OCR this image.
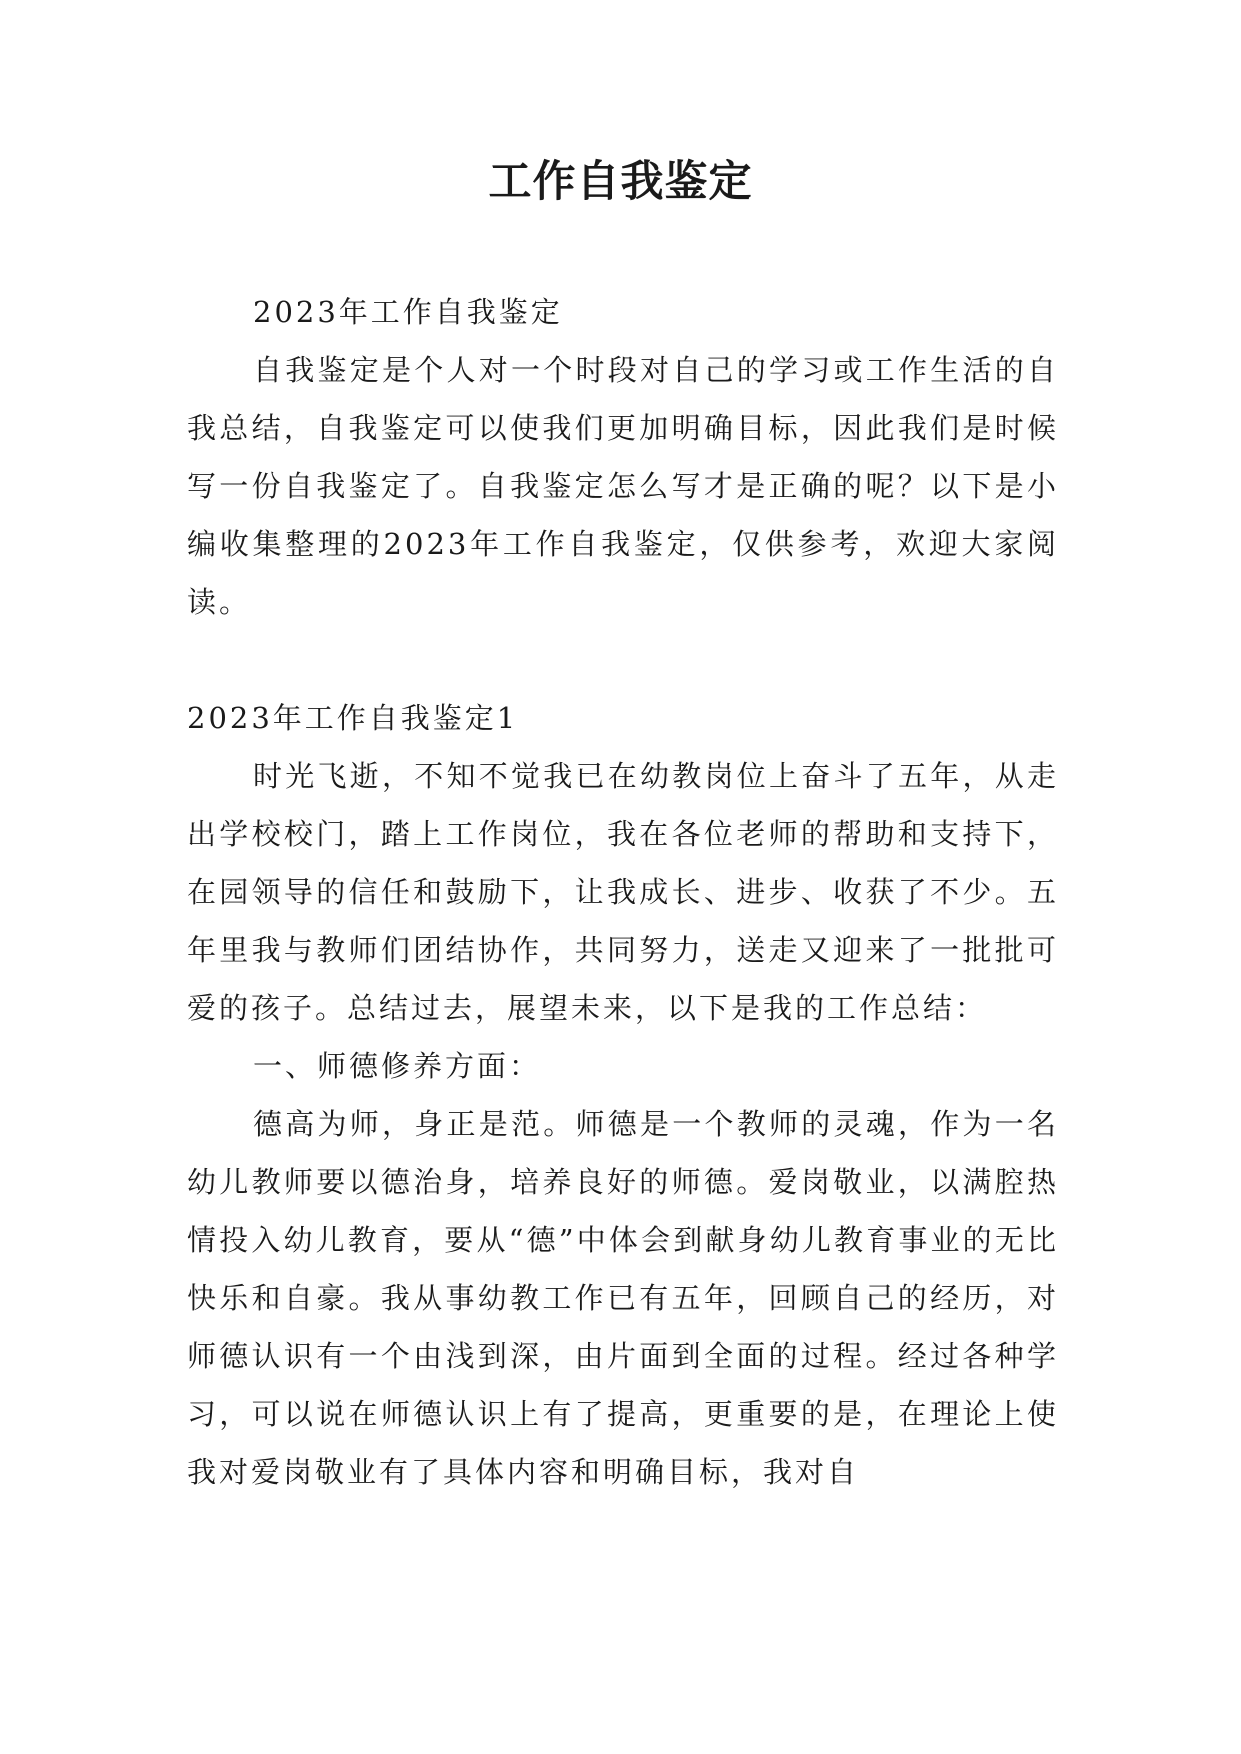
工作自我鉴定

2023年工作自我鉴定

自我鉴定是个人对一个时段对自己的学习或工作生活的自我总结，自我鉴定可以使我们更加明确目标，因此我们是时候写一份自我鉴定了。自我鉴定怎么写才是正确的呢？以下是小编收集整理的2023年工作自我鉴定，仅供参考，欢迎大家阅读。

2023年工作自我鉴定1

时光飞逝，不知不觉我已在幼教岗位上奋斗了五年，从走出学校校门，踏上工作岗位，我在各位老师的帮助和支持下，在园领导的信任和鼓励下，让我成长、进步、收获了不少。五年里我与教师们团结协作，共同努力，送走又迎来了一批批可爱的孩子。总结过去，展望未来，以下是我的工作总结：

一、师德修养方面：

德高为师，身正是范。师德是一个教师的灵魂，作为一名幼儿教师要以德治身，培养良好的师德。爱岗敬业，以满腔热情投入幼儿教育，要从“德”中体会到献身幼儿教育事业的无比快乐和自豪。我从事幼教工作已有五年，回顾自己的经历，对师德认识有一个由浅到深，由片面到全面的过程。经过各种学习，可以说在师德认识上有了提高，更重要的是，在理论上使我对爱岗敬业有了具体内容和明确目标，我对自
